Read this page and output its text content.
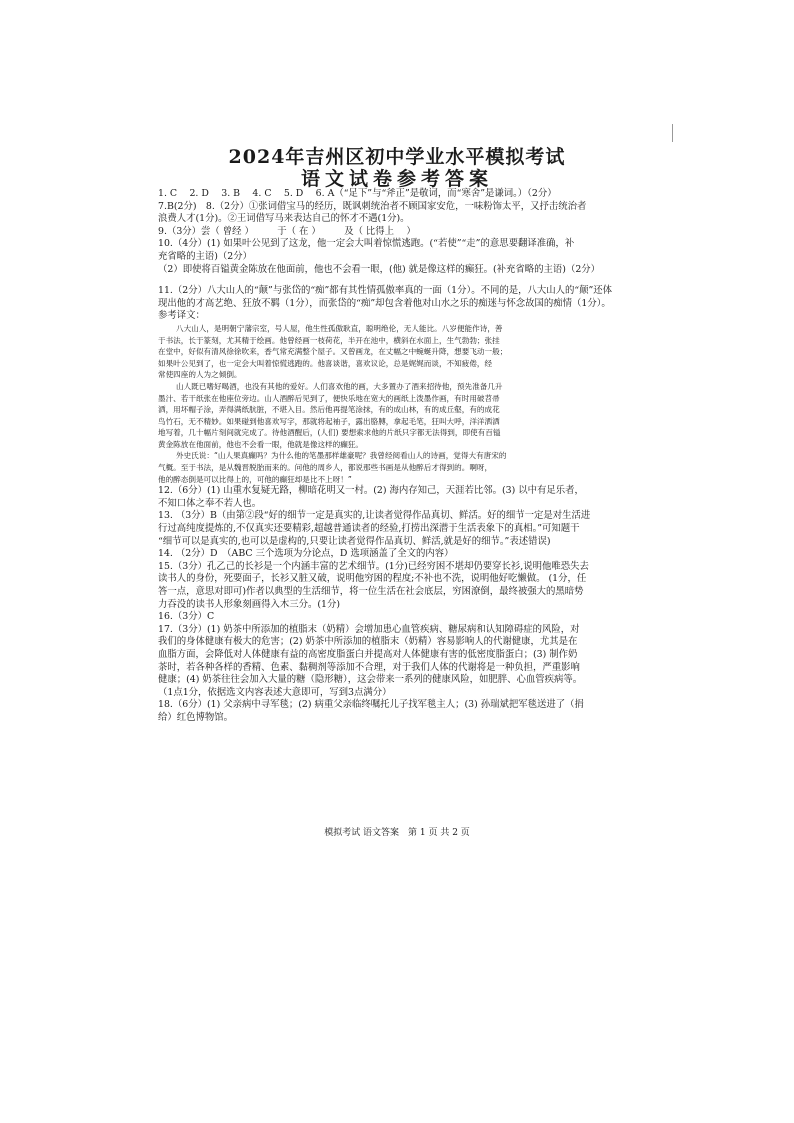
2024年吉州区初中学业水平模拟考试
语文试卷参考答案

1. C　 2. D　 3. B　 4. C　 5. D　 6. A（“足下”与“斧正”是敬词，而“寒舍”是谦词。）（2分）

7.B(2分)　8.（2分）①张词借宝马的经历，既讽刺统治者不顾国家安危，一味粉饰太平，又抒击统治者

浪费人才(1分)。②王词借写马来表达自己的怀才不遇(1分)。

9.（3分）尝（ 曾经 ）　　　于（ 在 ）　　　及（ 比得上　 ）

10.（4分）(1) 如果叶公见到了这龙，他一定会大叫着惊慌逃跑。(“若使”“走”的意思要翻译准确，补

充省略的主语)（2分）

（2）即使将百镒黄金陈放在他面前，他也不会看一眼，(他) 就是像这样的癫狂。(补充省略的主语)（2分）

11.（2分）八大山人的“颠”与张岱的“痴”都有其性情孤傲率真的一面（1分）。不同的是，八大山人的“颠”还体

现出他的才高艺绝、狂放不羁（1分），而张岱的“痴”却包含着他对山水之乐的痴迷与怀念故国的痴情（1分）。

参考译文：

八大山人，是明朝宁藩宗室，号人屋，他生性孤傲耿直，聪明绝伦，无人能比。八岁便能作诗，善

于书法，长于篆刻，尤其精于绘画。他曾经画一枝荷花，半开在池中，横斜在水面上，生气勃勃；张挂

在堂中，好似有清风徐徐吹来，香气常充满整个屋子。又曾画龙，在丈幅之中蜿蜒升降，想要飞动一般；

如果叶公见到了，也一定会大叫着惊慌逃跑的。他喜谈谐，喜欢议论，总是娓娓而谈，不知疲倦，经

常使四座的人为之倾倒。

山人既已嗜好喝酒，也没有其他的爱好。人们喜欢他的画，大多置办了酒来招待他，预先准备几升

墨汁、若干纸张在他座位旁边。山人酒醉后见到了，便快乐地在宽大的画纸上泼墨作画，有时用破苕帚

洒，用坏帽子涂，弄得满纸肮脏，不堪入目。然后他再提笔涂抹，有的成山林，有的成丘壑，有的成花

鸟竹石，无不精妙。如果碰到他喜欢写字，那就将起袖子，露出胳膊，拿起毛笔，狂叫大呼，洋洋洒洒

地写着，几十幅片刻间就完成了。待他酒醒后，(人们) 要想索求他的片纸只字都无法得到，即使有百镒

黄金陈放在他面前，他也不会看一眼，他就是像这样的癫狂。

外史氏说：“山人果真癫吗？为什么他的笔墨那样雄豪呢？我曾经阅看山人的诗画，觉得大有唐宋的

气概。至于书法，是从魏晋脱胎而来的。问他的周乡人，都说那些书画是从他醉后才得到的。啊呀，

他的醉态倒是可以比得上的，可他的癫狂却是比不上呀！”

12.（6分）(1) 山重水复疑无路，柳暗花明又一村。(2) 海内存知己，天涯若比邻。(3) 以中有足乐者，

不知口体之奉不若人也。

13. （3分）B（由第②段“好的细节一定是真实的,让读者觉得作品真切、鲜活。好的细节一定是对生活进

行过高纯度提炼的,不仅真实还要精彩,超越普通读者的经验,打捞出深潜于生活表象下的真相。”可知题干

“细节可以是真实的,也可以是虚构的,只要让读者觉得作品真切、鲜活,就是好的细节。”表述错误)

14. （2分）D　（ABC 三个选项为分论点，D 选项涵盖了全文的内容）

15.（3分）孔乙己的长衫是一个内涵丰富的艺术细节。(1分)已经穷困不堪却仍要穿长衫,说明他唯恐失去

读书人的身份，死要面子，长衫又脏又破，说明他穷困的程度;不补也不洗，说明他好吃懒做。 (1分，任

答一点，意思对即可)作者以典型的生活细节，将一位生活在社会底层，穷困潦倒，最终被强大的黑暗势

力吞没的读书人形象刻画得入木三分。(1分)

16.（3分）C

17.（3分）(1) 奶茶中所添加的植脂末（奶精）会增加患心血管疾病、糖尿病和认知障碍症的风险，对

我们的身体健康有极大的危害；(2) 奶茶中所添加的植脂末（奶精）容易影响人的代谢健康，尤其是在

血脂方面，会降低对人体健康有益的高密度脂蛋白并提高对人体健康有害的低密度脂蛋白；(3) 制作奶

茶时，若各种各样的香精、色素、黏稠剂等添加不合理，对于我们人体的代谢将是一种负担，严重影响

健康；(4) 奶茶往往会加入大量的糖（隐形糖），这会带来一系列的健康风险，如肥胖、心血管疾病等。

（1点1分，依据选文内容表述大意即可，写到3点满分）

18.（6分）(1) 父亲病中寻军毯；(2) 病重父亲临终嘱托儿子找军毯主人；(3) 孙瑞斌把军毯送进了（捐

给）红色博物馆。

模拟考试 语文答案　第 1 页 共 2 页
